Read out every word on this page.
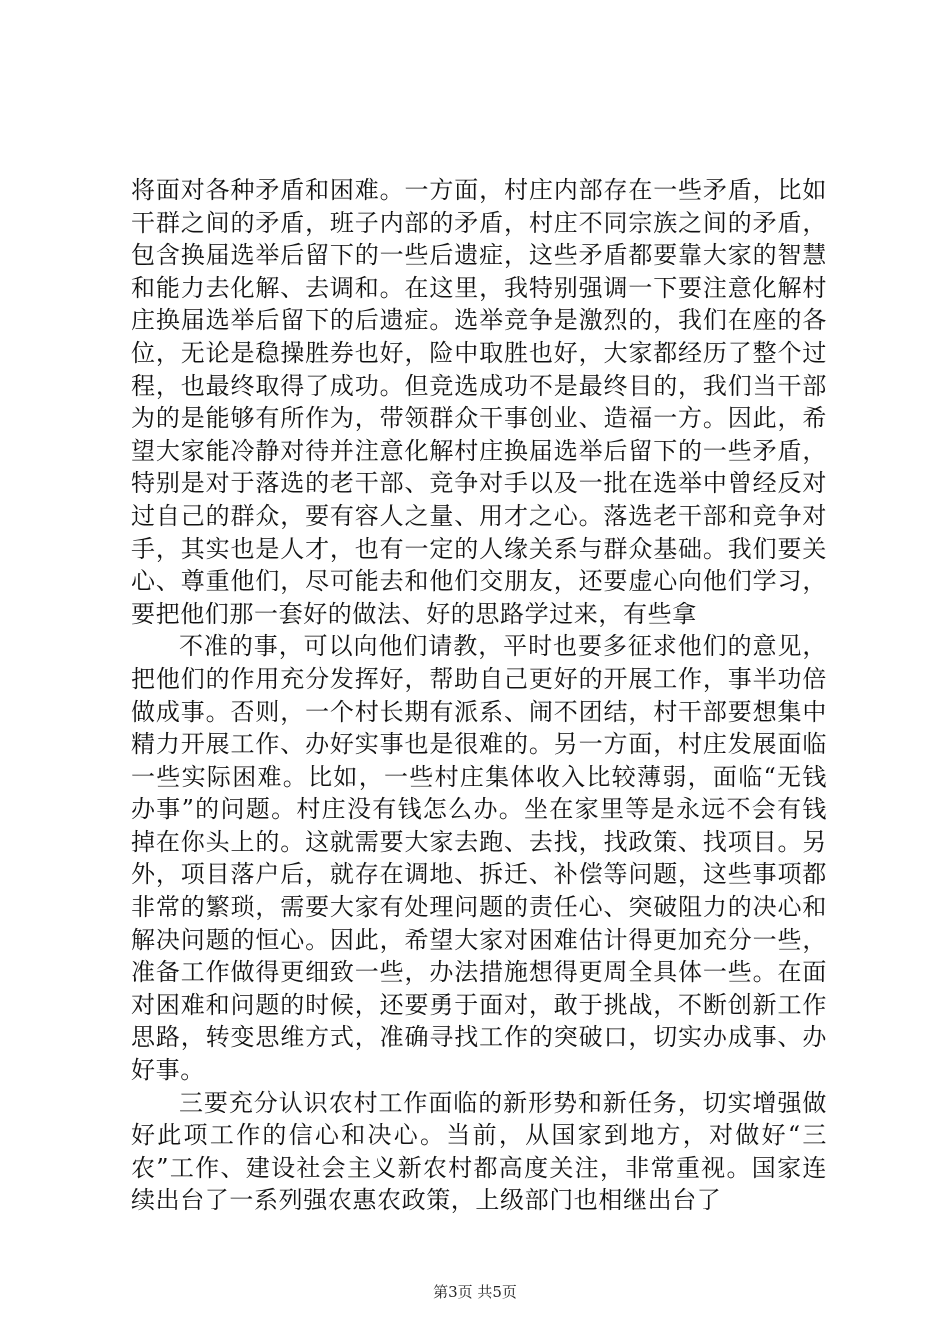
将面对各种矛盾和困难。一方面，村庄内部存在一些矛盾，比如干群之间的矛盾，班子内部的矛盾，村庄不同宗族之间的矛盾，包含换届选举后留下的一些后遗症，这些矛盾都要靠大家的智慧和能力去化解、去调和。在这里，我特别强调一下要注意化解村庄换届选举后留下的后遗症。选举竞争是激烈的，我们在座的各位，无论是稳操胜券也好，险中取胜也好，大家都经历了整个过程，也最终取得了成功。但竞选成功不是最终目的，我们当干部为的是能够有所作为，带领群众干事创业、造福一方。因此，希望大家能冷静对待并注意化解村庄换届选举后留下的一些矛盾，特别是对于落选的老干部、竞争对手以及一批在选举中曾经反对过自己的群众，要有容人之量、用才之心。落选老干部和竞争对手，其实也是人才，也有一定的人缘关系与群众基础。我们要关心、尊重他们，尽可能去和他们交朋友，还要虚心向他们学习，要把他们那一套好的做法、好的思路学过来，有些拿

不准的事，可以向他们请教，平时也要多征求他们的意见，把他们的作用充分发挥好，帮助自己更好的开展工作，事半功倍做成事。否则，一个村长期有派系、闹不团结，村干部要想集中精力开展工作、办好实事也是很难的。另一方面，村庄发展面临一些实际困难。比如，一些村庄集体收入比较薄弱，面临“无钱办事”的问题。村庄没有钱怎么办。坐在家里等是永远不会有钱掉在你头上的。这就需要大家去跑、去找，找政策、找项目。另外，项目落户后，就存在调地、拆迁、补偿等问题，这些事项都非常的繁琐，需要大家有处理问题的责任心、突破阻力的决心和解决问题的恒心。因此，希望大家对困难估计得更加充分一些，准备工作做得更细致一些，办法措施想得更周全具体一些。在面对困难和问题的时候，还要勇于面对，敢于挑战，不断创新工作思路，转变思维方式，准确寻找工作的突破口，切实办成事、办好事。

三要充分认识农村工作面临的新形势和新任务，切实增强做好此项工作的信心和决心。当前，从国家到地方，对做好“三农”工作、建设社会主义新农村都高度关注，非常重视。国家连续出台了一系列强农惠农政策，上级部门也相继出台了

第3页 共5页
